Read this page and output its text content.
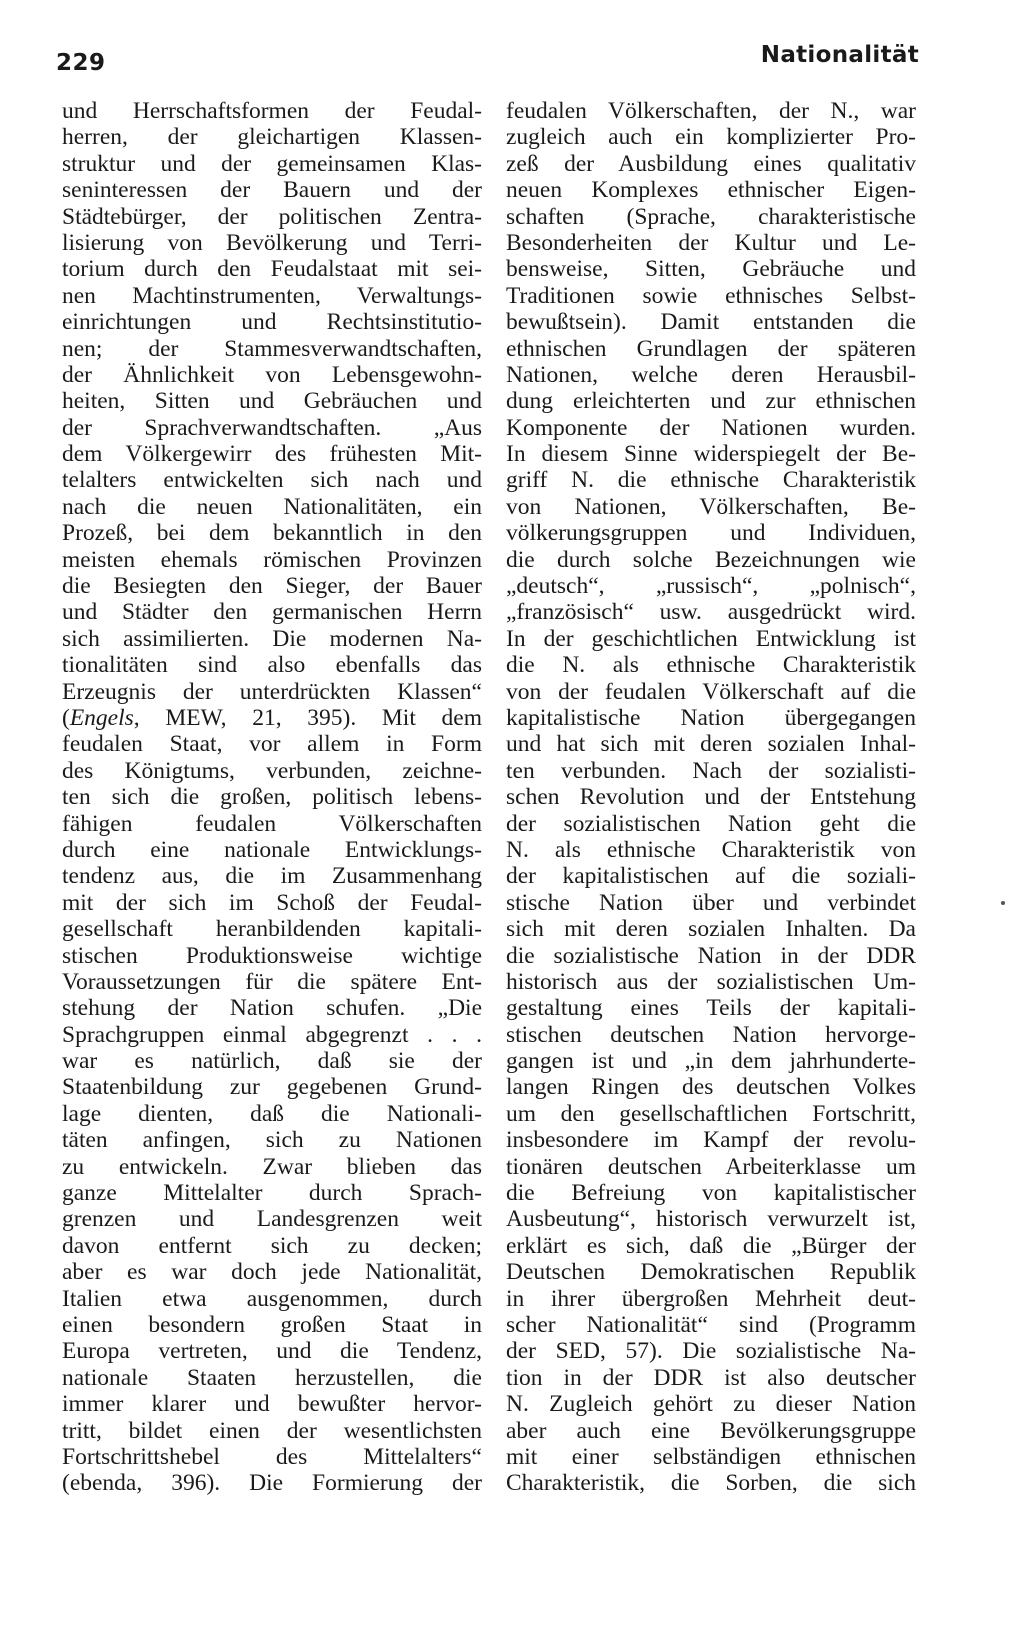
229	Nationalität
und Herrschaftsformen der Feudal-
herren, der gleichartigen Klassen-
struktur und der gemeinsamen Klas-
seninteressen der Bauern und der
Städtebürger, der politischen Zentra-
lisierung von Bevölkerung und Terri-
torium durch den Feudalstaat mit sei-
nen Machtinstrumenten, Verwaltungs-
einrichtungen und Rechtsinstitutio-
nen; der Stammesverwandtschaften,
der Ähnlichkeit von Lebensgewohn-
heiten, Sitten und Gebräuchen und
der Sprachverwandtschaften. „Aus
dem Völkergewirr des frühesten Mit-
telalters entwickelten sich nach und
nach die neuen Nationalitäten, ein
Prozeß, bei dem bekanntlich in den
meisten ehemals römischen Provinzen
die Besiegten den Sieger, der Bauer
und Städter den germanischen Herrn
sich assimilierten. Die modernen Na-
tionalitäten sind also ebenfalls das
Erzeugnis der unterdrückten Klassen“
(Engels, MEW, 21, 395). Mit dem
feudalen Staat, vor allem in Form
des Königtums, verbunden, zeichne-
ten sich die großen, politisch lebens-
fähigen feudalen Völkerschaften
durch eine nationale Entwicklungs-
tendenz aus, die im Zusammenhang
mit der sich im Schoß der Feudal-
gesellschaft heranbildenden kapitali-
stischen Produktionsweise wichtige
Voraussetzungen für die spätere Ent-
stehung der Nation schufen. „Die
Sprachgruppen einmal abgegrenzt . . .
war es natürlich, daß sie der
Staatenbildung zur gegebenen Grund-
lage dienten, daß die Nationali-
täten anfingen, sich zu Nationen
zu entwickeln. Zwar blieben das
ganze Mittelalter durch Sprach-
grenzen und Landesgrenzen weit
davon entfernt sich zu decken;
aber es war doch jede Nationalität,
Italien etwa ausgenommen, durch
einen besondern großen Staat in
Europa vertreten, und die Tendenz,
nationale Staaten herzustellen, die
immer klarer und bewußter hervor-
tritt, bildet einen der wesentlichsten
Fortschrittshebel des Mittelalters“
(ebenda, 396). Die Formierung der
feudalen Völkerschaften, der N., war
zugleich auch ein komplizierter Pro-
zeß der Ausbildung eines qualitativ
neuen Komplexes ethnischer Eigen-
schaften (Sprache, charakteristische
Besonderheiten der Kultur und Le-
bensweise, Sitten, Gebräuche und
Traditionen sowie ethnisches Selbst-
bewußtsein). Damit entstanden die
ethnischen Grundlagen der späteren
Nationen, welche deren Herausbil-
dung erleichterten und zur ethnischen
Komponente der Nationen wurden.
In diesem Sinne widerspiegelt der Be-
griff N. die ethnische Charakteristik
von Nationen, Völkerschaften, Be-
völkerungsgruppen und Individuen,
die durch solche Bezeichnungen wie
„deutsch“, „russisch“, „polnisch“,
„französisch“ usw. ausgedrückt wird.
In der geschichtlichen Entwicklung ist
die N. als ethnische Charakteristik
von der feudalen Völkerschaft auf die
kapitalistische Nation übergegangen
und hat sich mit deren sozialen Inhal-
ten verbunden. Nach der sozialisti-
schen Revolution und der Entstehung
der sozialistischen Nation geht die
N. als ethnische Charakteristik von
der kapitalistischen auf die soziali-
stische Nation über und verbindet
sich mit deren sozialen Inhalten. Da
die sozialistische Nation in der DDR
historisch aus der sozialistischen Um-
gestaltung eines Teils der kapitali-
stischen deutschen Nation hervorge-
gangen ist und „in dem jahrhunderte-
langen Ringen des deutschen Volkes
um den gesellschaftlichen Fortschritt,
insbesondere im Kampf der revolu-
tionären deutschen Arbeiterklasse um
die Befreiung von kapitalistischer
Ausbeutung“, historisch verwurzelt ist,
erklärt es sich, daß die „Bürger der
Deutschen Demokratischen Republik
in ihrer übergroßen Mehrheit deut-
scher Nationalität“ sind (Programm
der SED, 57). Die sozialistische Na-
tion in der DDR ist also deutscher
N. Zugleich gehört zu dieser Nation
aber auch eine Bevölkerungsgruppe
mit einer selbständigen ethnischen
Charakteristik, die Sorben, die sich
